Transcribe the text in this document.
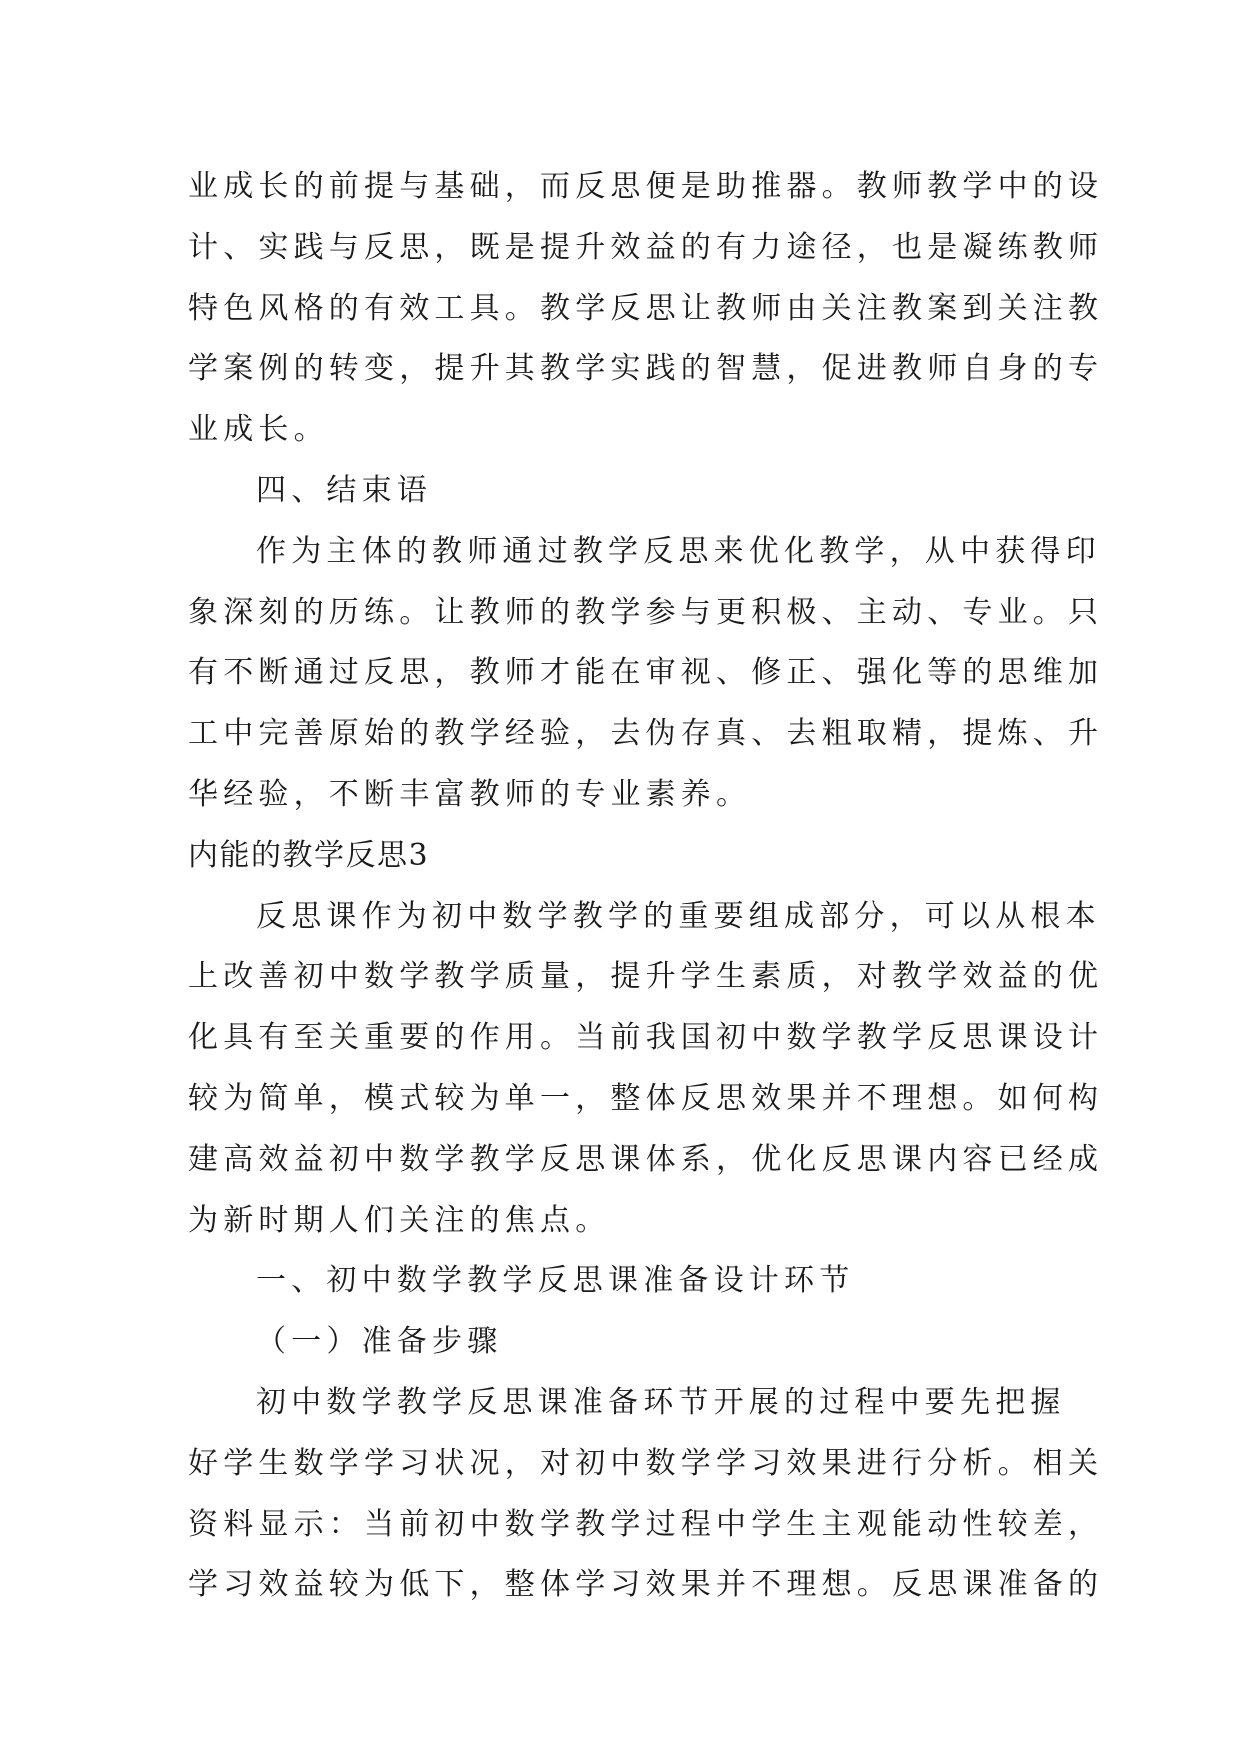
业成长的前提与基础，而反思便是助推器。教师教学中的设
计、实践与反思，既是提升效益的有力途径，也是凝练教师
特色风格的有效工具。教学反思让教师由关注教案到关注教
学案例的转变，提升其教学实践的智慧，促进教师自身的专
业成长。
四、结束语
作为主体的教师通过教学反思来优化教学，从中获得印
象深刻的历练。让教师的教学参与更积极、主动、专业。只
有不断通过反思，教师才能在审视、修正、强化等的思维加
工中完善原始的教学经验，去伪存真、去粗取精，提炼、升
华经验，不断丰富教师的专业素养。
内能的教学反思3
反思课作为初中数学教学的重要组成部分，可以从根本
上改善初中数学教学质量，提升学生素质，对教学效益的优
化具有至关重要的作用。当前我国初中数学教学反思课设计
较为简单，模式较为单一，整体反思效果并不理想。如何构
建高效益初中数学教学反思课体系，优化反思课内容已经成
为新时期人们关注的焦点。
一、初中数学教学反思课准备设计环节
（一）准备步骤
初中数学教学反思课准备环节开展的过程中要先把握
好学生数学学习状况，对初中数学学习效果进行分析。相关
资料显示：当前初中数学教学过程中学生主观能动性较差，
学习效益较为低下，整体学习效果并不理想。反思课准备的
